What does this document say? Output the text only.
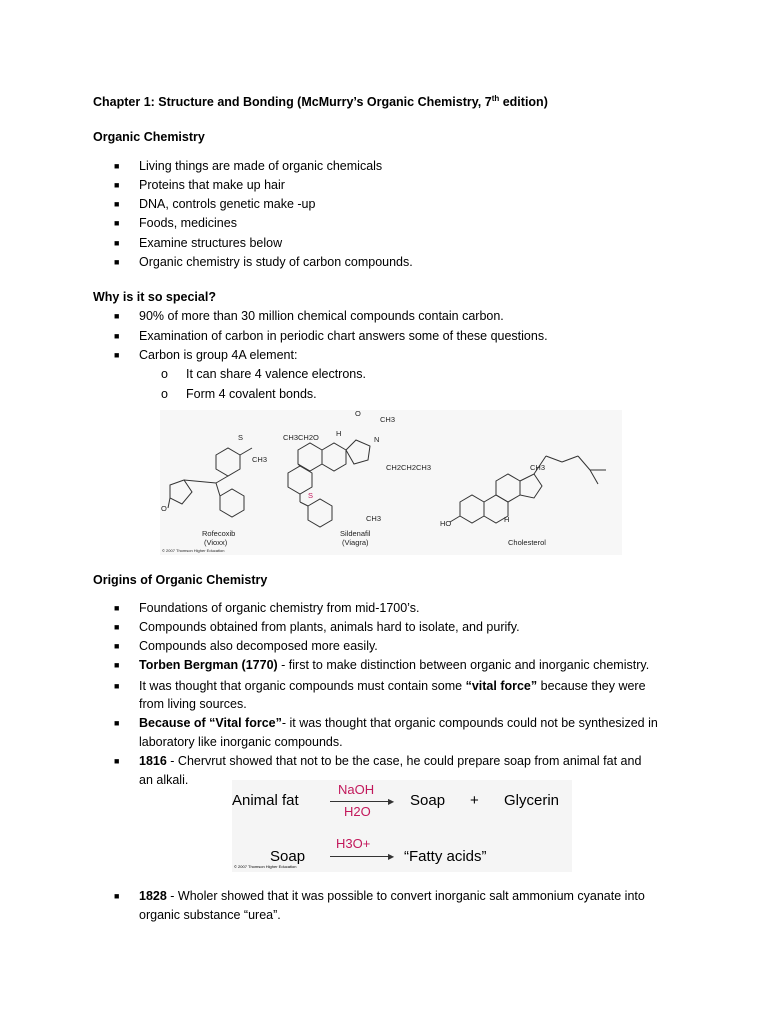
Chapter 1: Structure and Bonding (McMurry’s Organic Chemistry, 7th edition)
Organic Chemistry
■ Living things are made of organic chemicals
■ Proteins that make up hair
■ DNA, controls genetic make -up
■ Foods, medicines
■ Examine structures below
■ Organic chemistry is study of carbon compounds.
Why is it so special?
■ 90% of more than 30 million chemical compounds contain carbon.
■ Examination of carbon in periodic chart answers some of these questions.
■ Carbon is group 4A element:
o It can share 4 valence electrons.
o Form 4 covalent bonds.
S
CH3
O
Rofecoxib
(Vioxx)
CH3CH2O
CH3
O
H
N
CH2CH2CH3
S
CH3
Sildenafil
(Viagra)
HO
CH3
H
Cholesterol
© 2007 Thomson Higher Education
Origins of Organic Chemistry
■ Foundations of organic chemistry from mid-1700’s.
■ Compounds obtained from plants, animals hard to isolate, and purify.
■ Compounds also decomposed more easily.
■ Torben Bergman (1770) - first to make distinction between organic and inorganic chemistry.
■ It was thought that organic compounds must contain some “vital force” because they were
from living sources.
■ Because of “Vital force”- it was thought that organic compounds could not be synthesized in
laboratory like inorganic compounds.
■ 1816 - Chervrut showed that not to be the case, he could prepare soap from animal fat and
an alkali.
Animal fat
NaOH
▶
H2O
Soap + Glycerin
Soap
H3O+
▶ “Fatty acids”
© 2007 Thomson Higher Education
■ 1828 - Wholer showed that it was possible to convert inorganic salt ammonium cyanate into
organic substance “urea”.
